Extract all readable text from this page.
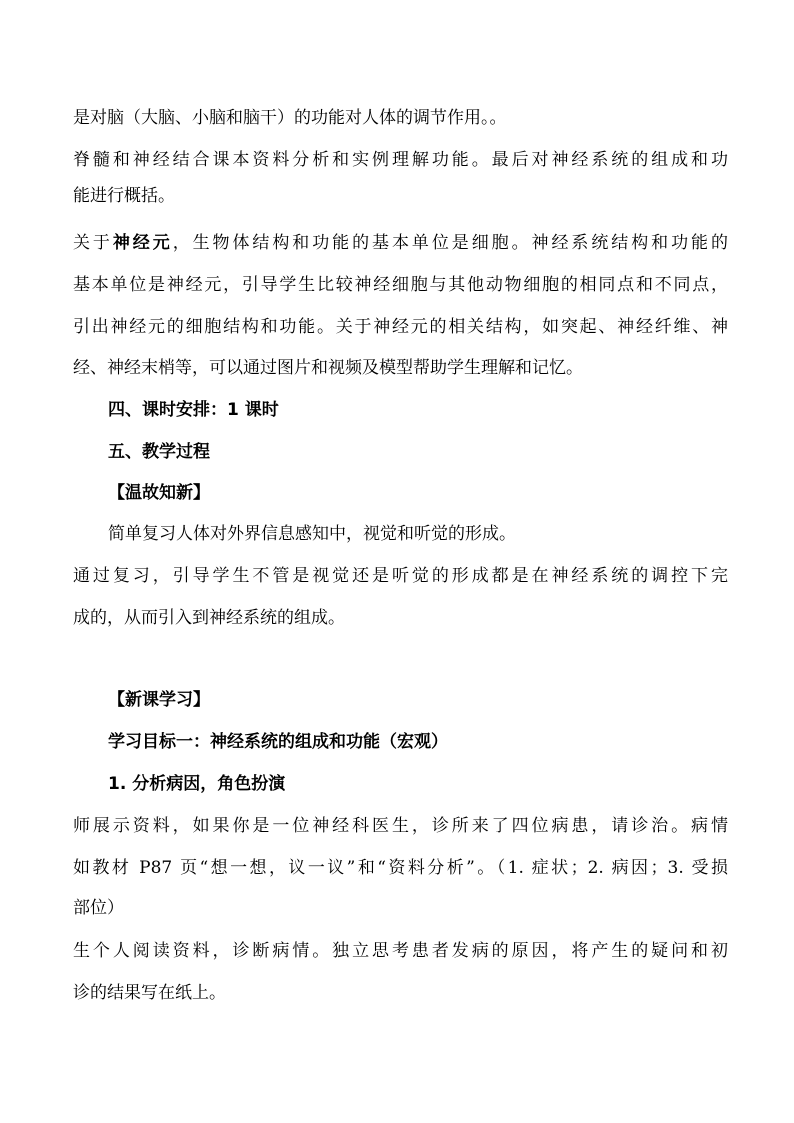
是对脑（大脑、小脑和脑干）的功能对人体的调节作用。。
脊髓和神经结合课本资料分析和实例理解功能。最后对神经系统的组成和功
能进行概括。
关于神经元，生物体结构和功能的基本单位是细胞。神经系统结构和功能的
基本单位是神经元，引导学生比较神经细胞与其他动物细胞的相同点和不同点，
引出神经元的细胞结构和功能。关于神经元的相关结构，如突起、神经纤维、神
经、神经末梢等，可以通过图片和视频及模型帮助学生理解和记忆。
四、课时安排：1 课时
五、教学过程
【温故知新】
简单复习人体对外界信息感知中，视觉和听觉的形成。
通过复习，引导学生不管是视觉还是听觉的形成都是在神经系统的调控下完
成的，从而引入到神经系统的组成。
【新课学习】
学习目标一：神经系统的组成和功能（宏观）
1. 分析病因，角色扮演
师展示资料，如果你是一位神经科医生，诊所来了四位病患，请诊治。病情
如教材 P87 页“想一想，议一议”和“资料分析”。（1. 症状；2. 病因；3. 受损
部位）
生个人阅读资料，诊断病情。独立思考患者发病的原因，将产生的疑问和初
诊的结果写在纸上。
